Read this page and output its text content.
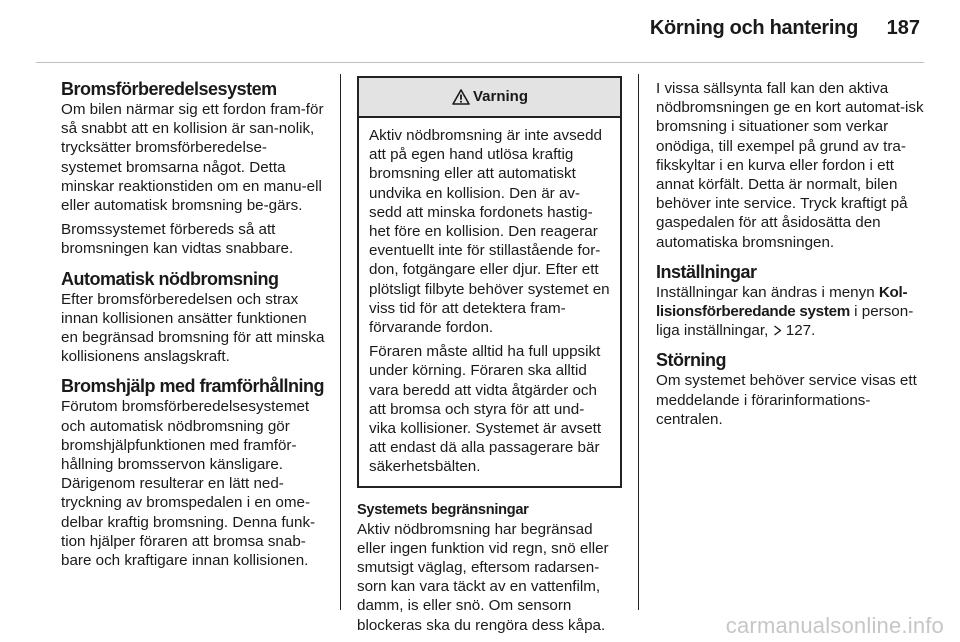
Körning och hantering 187
Bromsförberedelsesystem

Om bilen närmar sig ett fordon fram-för så snabbt att en kollision är san-nolik, trycksätter bromsförberedelse-systemet bromsarna något. Detta minskar reaktionstiden om en manu-ell eller automatisk bromsning be-gärs.

Bromssystemet förbereds så att bromsningen kan vidtas snabbare.

Automatisk nödbromsning

Efter bromsförberedelsen och strax innan kollisionen ansätter funktionen en begränsad bromsning för att minska kollisionens anslagskraft.

Bromshjälp med framförhållning

Förutom bromsförberedelsesystemet och automatisk nödbromsning gör bromshjälpfunktionen med framför-hållning bromsservon känsligare. Därigenom resulterar en lätt ned-tryckning av bromspedalen i en ome-delbar kraftig bromsning. Denna funk-tion hjälper föraren att bromsa snab-bare och kraftigare innan kollisionen.

Varning

Aktiv nödbromsning är inte avsedd att på egen hand utlösa kraftig bromsning eller att automatiskt undvika en kollision. Den är av-sedd att minska fordonets hastig-het före en kollision. Den reagerar eventuellt inte för stillastående for-don, fotgängare eller djur. Efter ett plötsligt filbyte behöver systemet en viss tid för att detektera fram-förvarande fordon.

Föraren måste alltid ha full uppsikt under körning. Föraren ska alltid vara beredd att vidta åtgärder och att bromsa och styra för att und-vika kollisioner. Systemet är avsett att endast dä alla passagerare bär säkerhetsbälten.

Systemets begränsningar

Aktiv nödbromsning har begränsad eller ingen funktion vid regn, snö eller smutsigt väglag, eftersom radarsen-sorn kan vara täckt av en vattenfilm, damm, is eller snö. Om sensorn blockeras ska du rengöra dess kåpa.

I vissa sällsynta fall kan den aktiva nödbromsningen ge en kort automat-isk bromsning i situationer som verkar onödiga, till exempel på grund av tra-fikskyltar i en kurva eller fordon i ett annat körfält. Detta är normalt, bilen behöver inte service. Tryck kraftigt på gaspedalen för att åsidosätta den automatiska bromsningen.

Inställningar

Inställningar kan ändras i menyn Kol-lisionsförberedande system i person-liga inställningar,  127.

Störning

Om systemet behöver service visas ett meddelande i förarinformations-centralen.

carmanualsonline.info
